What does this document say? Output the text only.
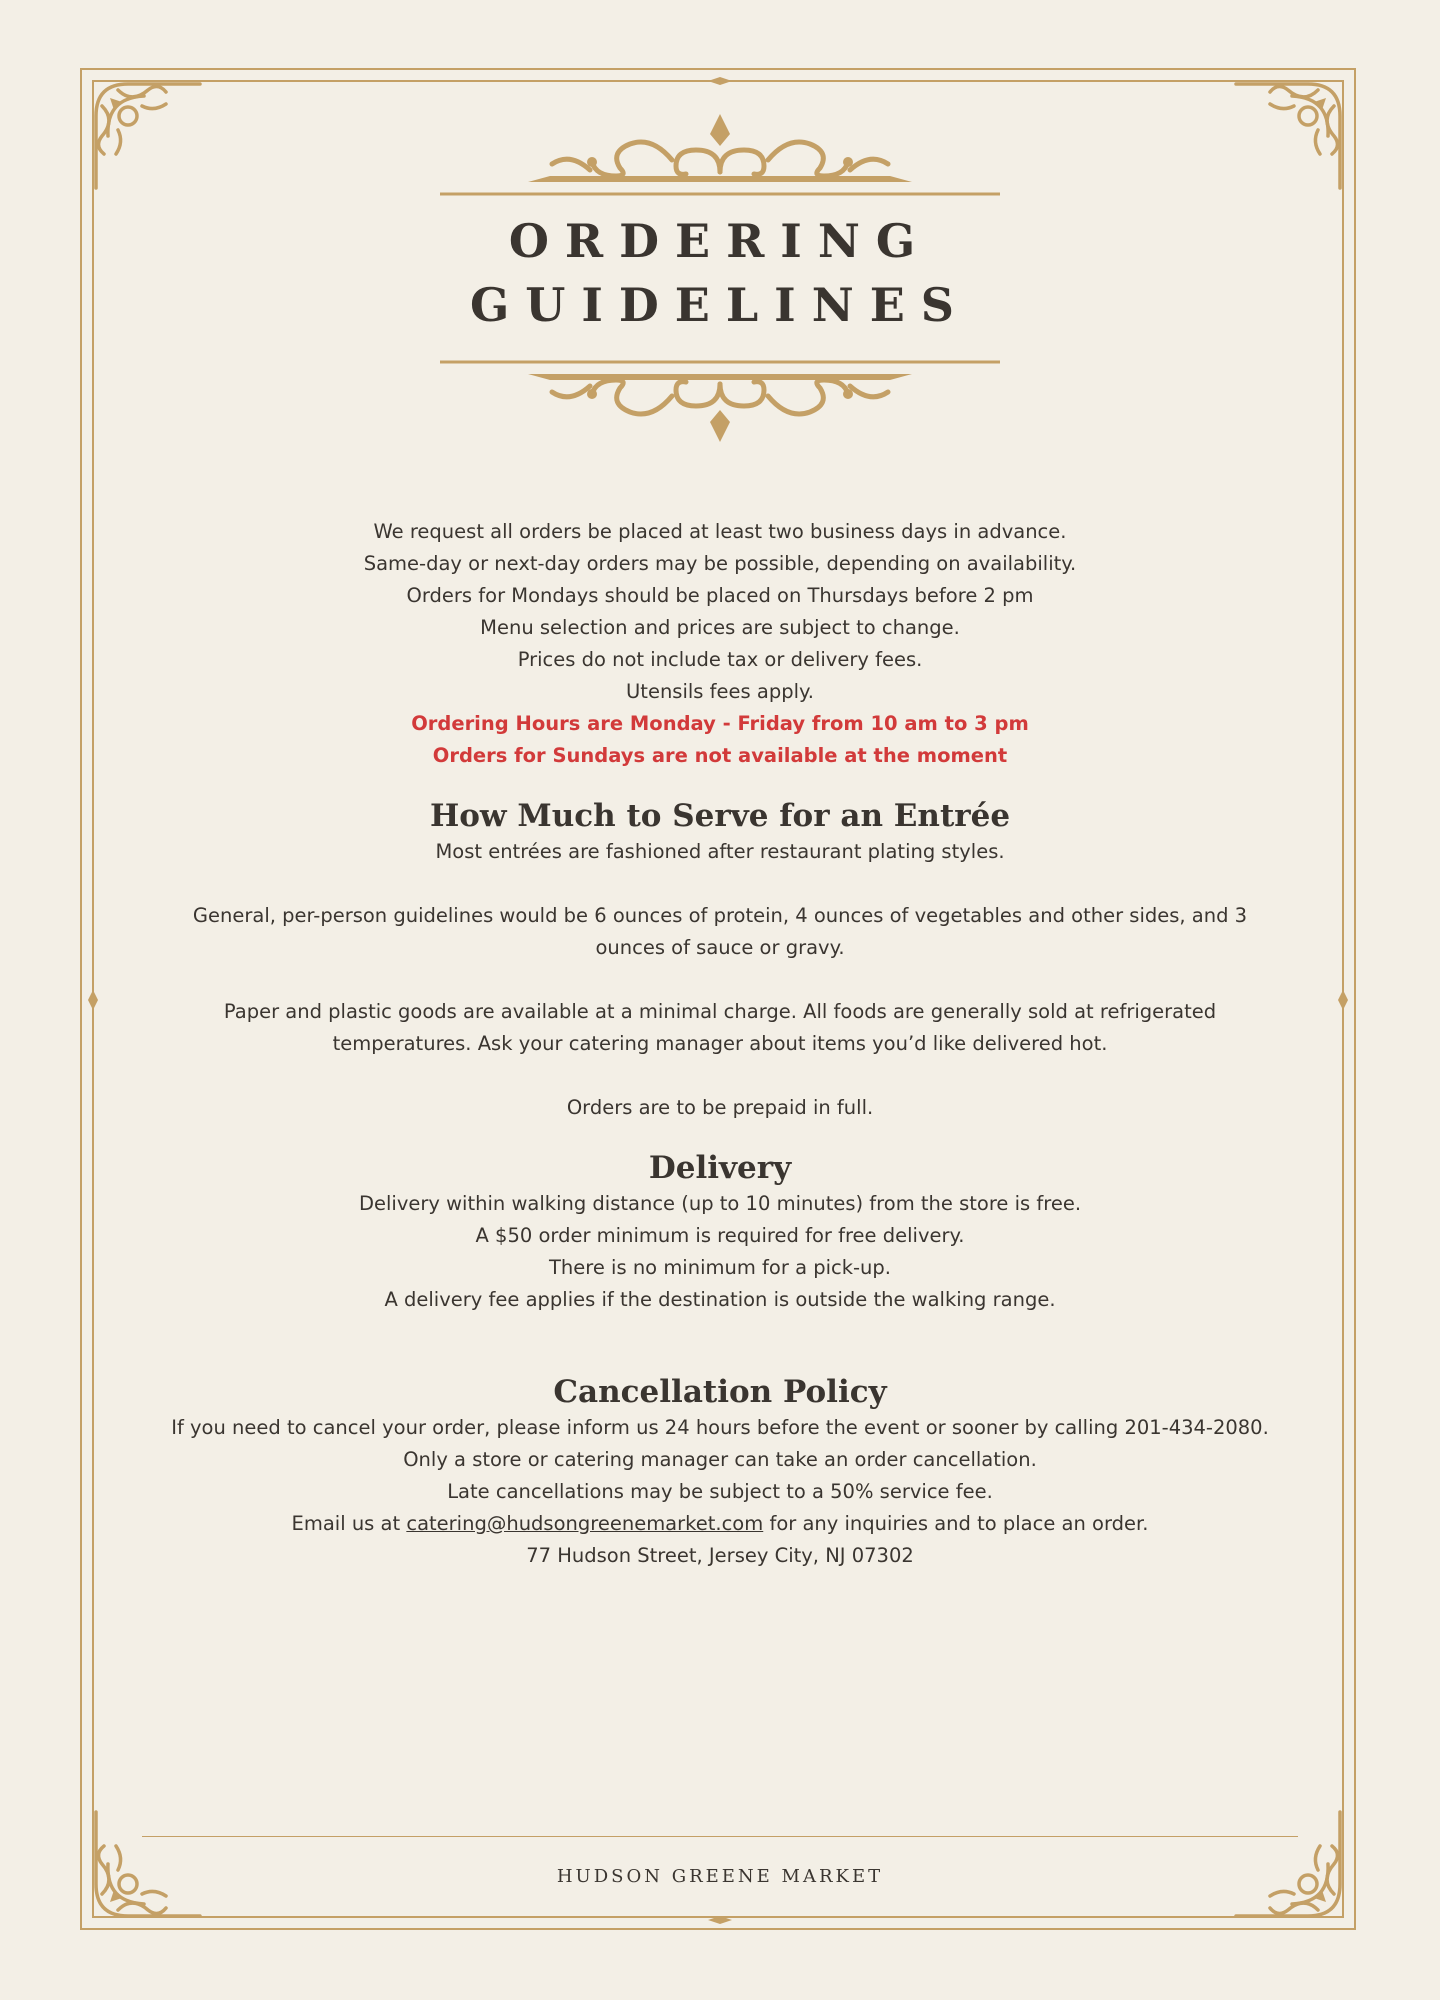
ORDERING
GUIDELINES

We request all orders be placed at least two business days in advance.

Same-day or next-day orders may be possible, depending on availability.

Orders for Mondays should be placed on Thursdays before 2 pm

Menu selection and prices are subject to change.

Prices do not include tax or delivery fees.

Utensils fees apply.

Ordering Hours are Monday - Friday from 10 am to 3 pm

Orders for Sundays are not available at the moment

How Much to Serve for an Entrée

Most entrées are fashioned after restaurant plating styles.

General, per-person guidelines would be 6 ounces of protein, 4 ounces of vegetables and other sides, and 3

ounces of sauce or gravy.

Paper and plastic goods are available at a minimal charge. All foods are generally sold at refrigerated

temperatures. Ask your catering manager about items you’d like delivered hot.

Orders are to be prepaid in full.

Delivery

Delivery within walking distance (up to 10 minutes) from the store is free.

A $50 order minimum is required for free delivery.

There is no minimum for a pick-up.

A delivery fee applies if the destination is outside the walking range.

Cancellation Policy

If you need to cancel your order, please inform us 24 hours before the event or sooner by calling 201-434-2080.

Only a store or catering manager can take an order cancellation.

Late cancellations may be subject to a 50% service fee.

Email us at catering@hudsongreenemarket.com for any inquiries and to place an order.

77 Hudson Street, Jersey City, NJ 07302

HUDSON GREENE MARKET
